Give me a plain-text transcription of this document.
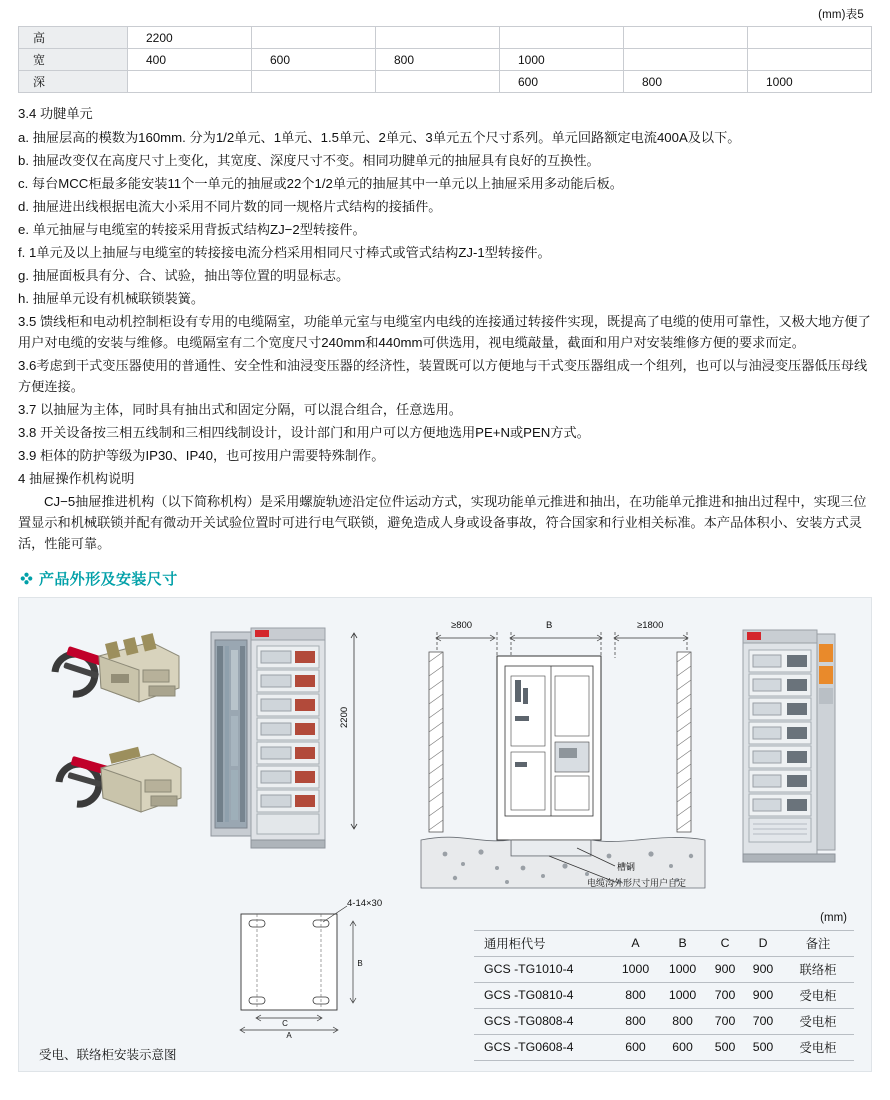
(mm)表5
高	2200					
宽	400	600	800	1000		
深				600	800	1000
3.4 功腱单元

a. 抽屉层高的模数为160mm. 分为1/2单元、1单元、1.5单元、2单元、3单元五个尺寸系列。单元回路额定电流400A及以下。

b. 抽屉改变仅在高度尺寸上变化，其宽度、深度尺寸不变。相同功腱单元的抽屉具有良好的互换性。

c. 每台MCC柜最多能安装11个一单元的抽屉或22个1/2单元的抽屉其中一单元以上抽屉采用多动能后板。

d. 抽屉进出线根据电流大小采用不同片数的同一规格片式结构的接插件。

e. 单元抽屉与电缆室的转接采用背扳式结构ZJ−2型转接件。

f. 1单元及以上抽屉与电缆室的转接接电流分档采用相同尺寸棒式或管式结构ZJ-1型转接件。

g. 抽屉面板具有分、合、试验，抽出等位置的明显标志。

h. 抽屉单元设有机械联锁裝簧。

3.5 馈线柜和电动机控制柜设有专用的电缆隔室，功能单元室与电缆室内电线的连接通过转接件实现，既提高了电缆的使用可靠性，又极大地方便了用户对电缆的安装与维修。电缆隔室有二个宽度尺寸240mm和440mm可供选用，视电缆敲量，截面和用户对安装维修方便的要求而定。

3.6考虑到干式变压器使用的普通性、安全性和油浸变压器的经济性，装置既可以方便地与干式变压器组成一个组列，也可以与油浸变压器低压母线方便连接。

3.7 以抽屉为主体，同时具有抽出式和固定分隔，可以混合组合，任意选用。

3.8 开关设备按三相五线制和三相四线制设计，设计部门和用户可以方便地选用PE+N或PEN方式。

3.9 柜体的防护等级为IP30、IP40，也可按用户需要特殊制作。

4 抽屉操作机构说明

CJ−5抽屉推进机构（以下简称机构）是采用螺旋轨迹沿定位件运动方式，实现功能单元推进和抽出，在功能单元推进和抽出过程中，实现三位置显示和机械联锁并配有微动开关试验位置时可进行电气联锁，避免造成人身或设备事故，符合国家和行业相关标准。本产品体积小、安装方式灵活，性能可靠。

产品外形及安装尺寸
2200
≥800	B	≥1800
槽钢
电缆沟外形尺寸用户自定
C
A
B
4-14×30
(mm)
通用柜代号	A	B	C	D	备注
GCS -TG1010-4	1000	1000	900	900	联络柜
GCS -TG0810-4	800	1000	700	900	受电柜
GCS -TG0808-4	800	800	700	700	受电柜
GCS -TG0608-4	600	600	500	500	受电柜
受电、联络柜安装示意图
